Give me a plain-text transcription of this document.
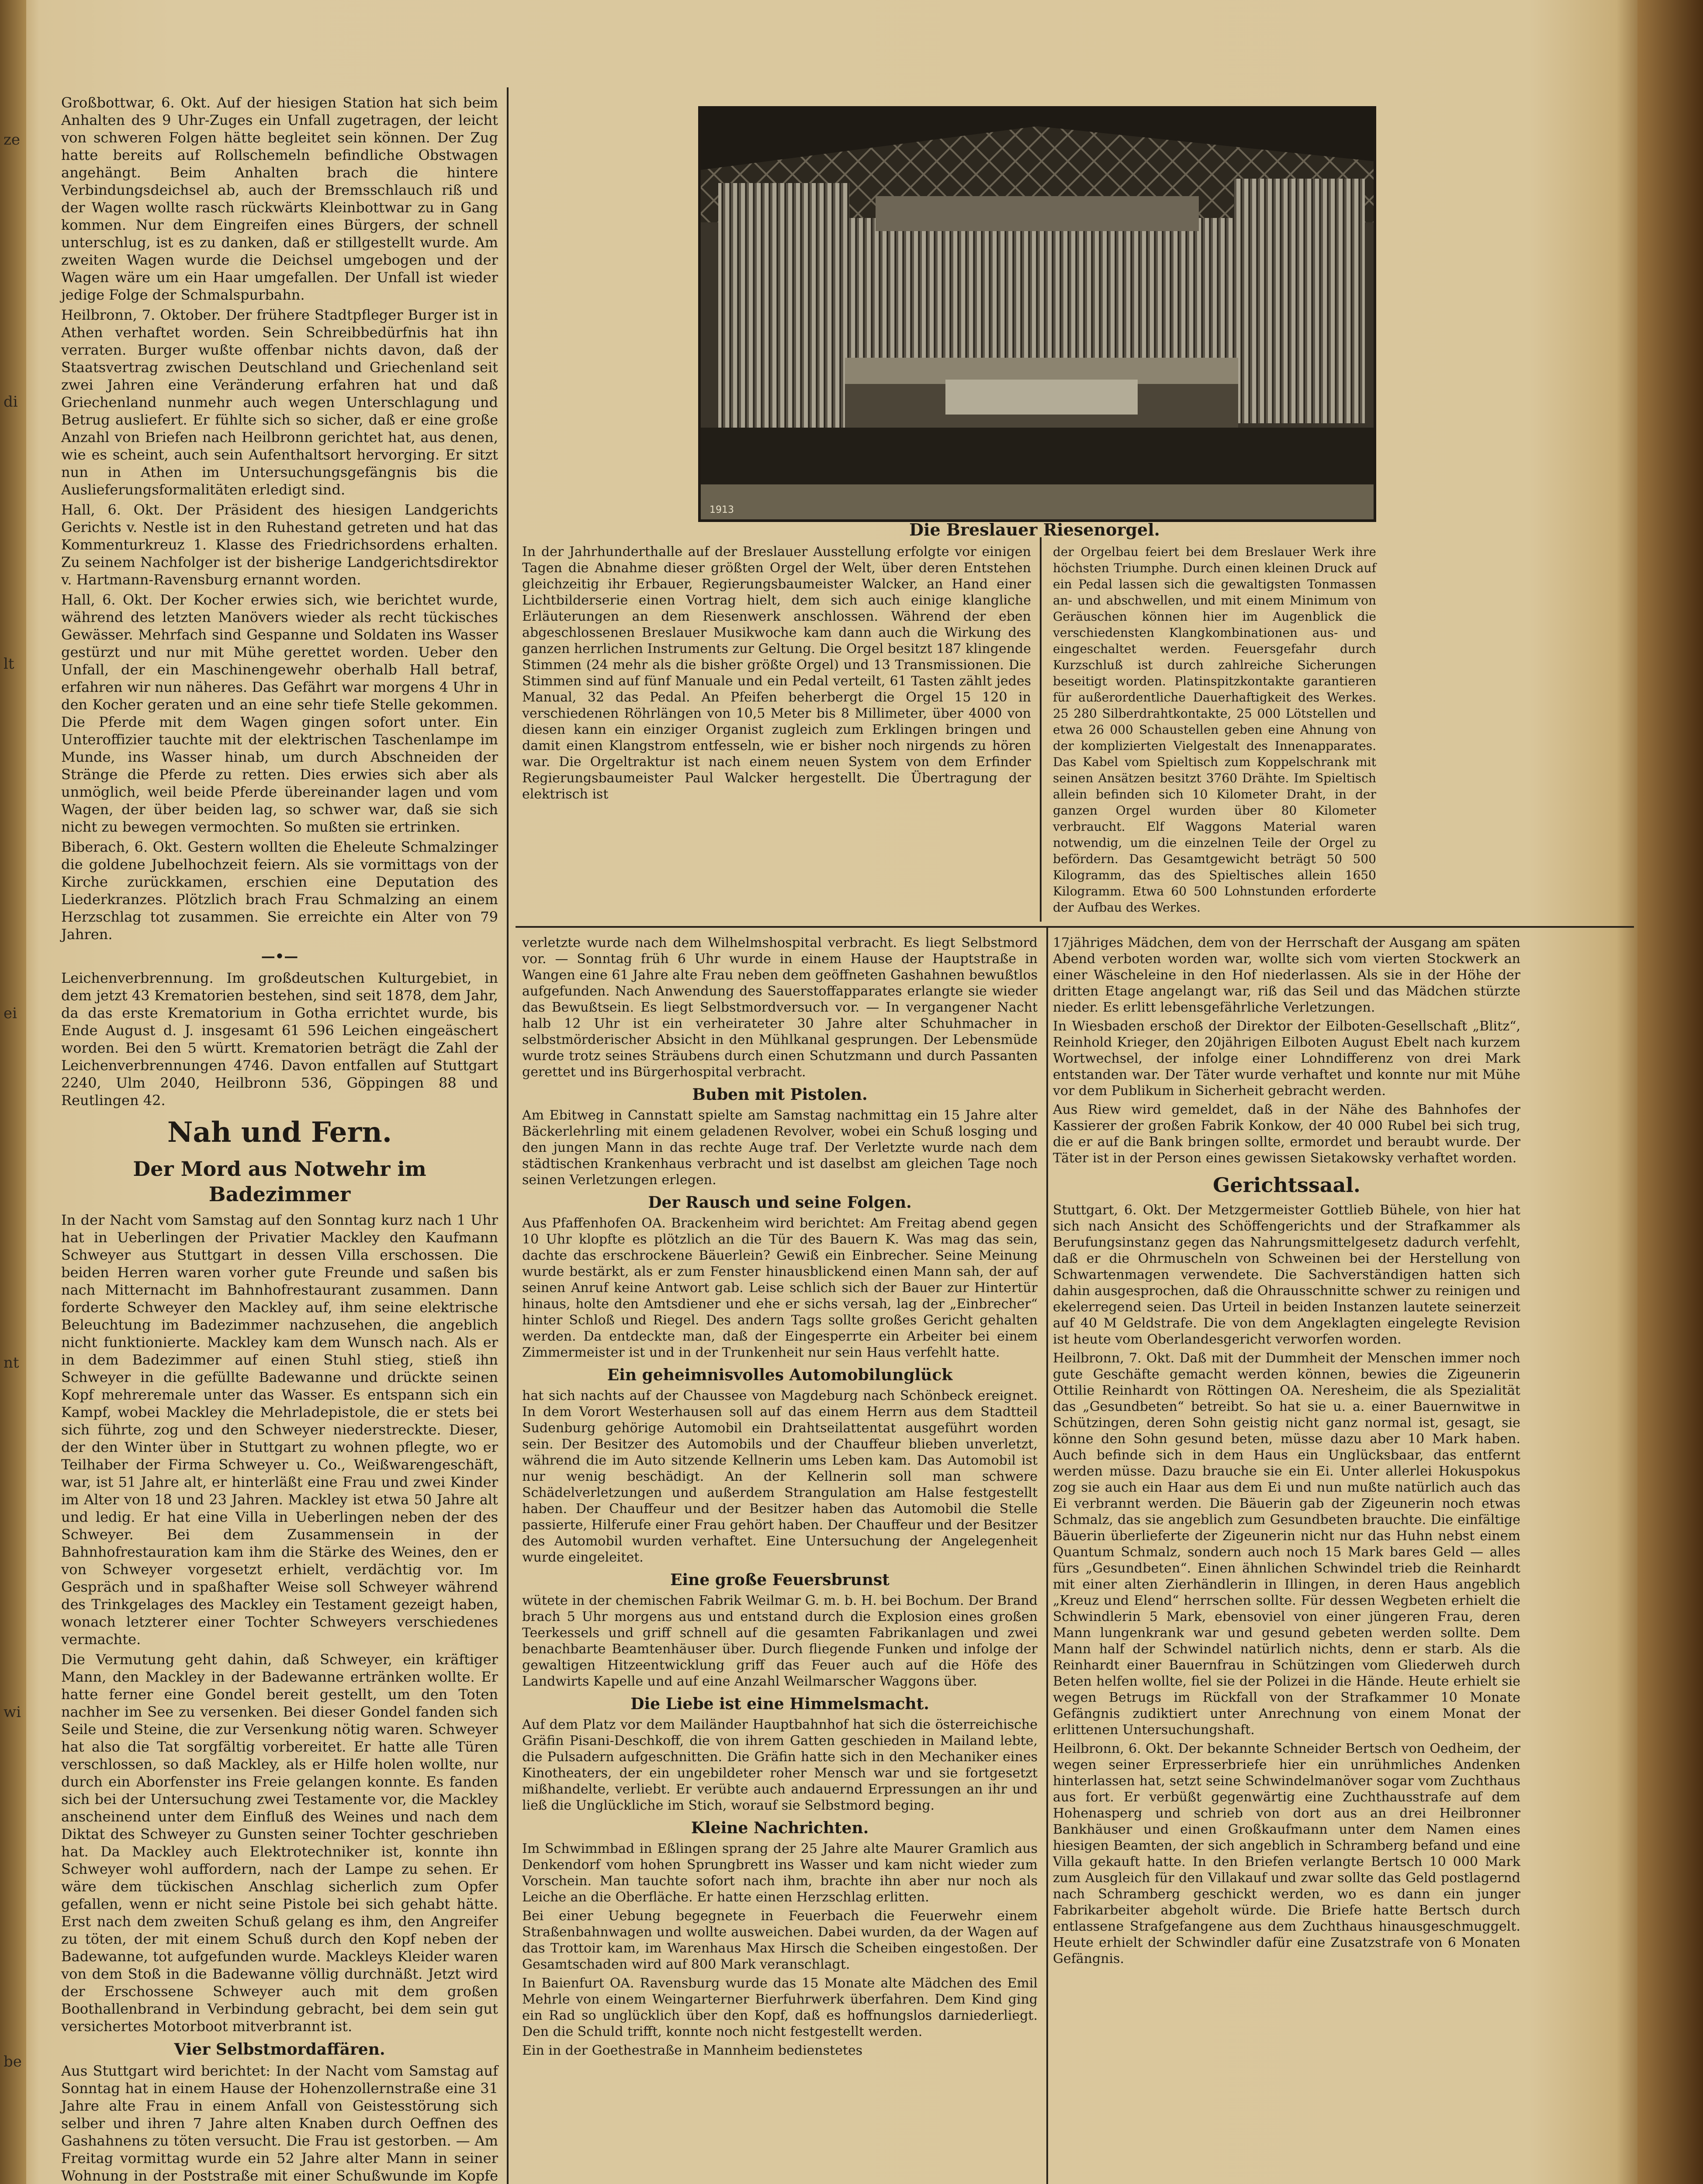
ze
di
lt
ei
nt
wi
be

Großbottwar, 6. Okt. Auf der hiesigen Station hat sich beim Anhalten des 9 Uhr-Zuges ein Unfall zugetragen, der leicht von schweren Folgen hätte begleitet sein können. Der Zug hatte bereits auf Rollschemeln befindliche Obstwagen angehängt. Beim Anhalten brach die hintere Verbindungsdeichsel ab, auch der Bremsschlauch riß und der Wagen wollte rasch rückwärts Kleinbottwar zu in Gang kommen. Nur dem Eingreifen eines Bürgers, der schnell unterschlug, ist es zu danken, daß er stillgestellt wurde. Am zweiten Wagen wurde die Deichsel umgebogen und der Wagen wäre um ein Haar umgefallen. Der Unfall ist wieder jedige Folge der Schmalspurbahn.

Heilbronn, 7. Oktober. Der frühere Stadtpfleger Burger ist in Athen verhaftet worden. Sein Schreibbedürfnis hat ihn verraten. Burger wußte offenbar nichts davon, daß der Staatsvertrag zwischen Deutschland und Griechenland seit zwei Jahren eine Veränderung erfahren hat und daß Griechenland nunmehr auch wegen Unterschlagung und Betrug ausliefert. Er fühlte sich so sicher, daß er eine große Anzahl von Briefen nach Heilbronn gerichtet hat, aus denen, wie es scheint, auch sein Aufenthaltsort hervorging. Er sitzt nun in Athen im Untersuchungsgefängnis bis die Auslieferungsformalitäten erledigt sind.

Hall, 6. Okt. Der Präsident des hiesigen Landgerichts Gerichts v. Nestle ist in den Ruhestand getreten und hat das Kommenturkreuz 1. Klasse des Friedrichsordens erhalten. Zu seinem Nachfolger ist der bisherige Landgerichtsdirektor v. Hartmann-Ravensburg ernannt worden.

Hall, 6. Okt. Der Kocher erwies sich, wie berichtet wurde, während des letzten Manövers wieder als recht tückisches Gewässer. Mehrfach sind Gespanne und Soldaten ins Wasser gestürzt und nur mit Mühe gerettet worden. Ueber den Unfall, der ein Maschinengewehr oberhalb Hall betraf, erfahren wir nun näheres. Das Gefährt war morgens 4 Uhr in den Kocher geraten und an eine sehr tiefe Stelle gekommen. Die Pferde mit dem Wagen gingen sofort unter. Ein Unteroffizier tauchte mit der elektrischen Taschenlampe im Munde, ins Wasser hinab, um durch Abschneiden der Stränge die Pferde zu retten. Dies erwies sich aber als unmöglich, weil beide Pferde übereinander lagen und vom Wagen, der über beiden lag, so schwer war, daß sie sich nicht zu bewegen vermochten. So mußten sie ertrinken.

Biberach, 6. Okt. Gestern wollten die Eheleute Schmalzinger die goldene Jubelhochzeit feiern. Als sie vormittags von der Kirche zurückkamen, erschien eine Deputation des Liederkranzes. Plötzlich brach Frau Schmalzing an einem Herzschlag tot zusammen. Sie erreichte ein Alter von 79 Jahren.

—•—

Leichenverbrennung. Im großdeutschen Kulturgebiet, in dem jetzt 43 Krematorien bestehen, sind seit 1878, dem Jahr, da das erste Krematorium in Gotha errichtet wurde, bis Ende August d. J. insgesamt 61 596 Leichen eingeäschert worden. Bei den 5 württ. Krematorien beträgt die Zahl der Leichenverbrennungen 4746. Davon entfallen auf Stuttgart 2240, Ulm 2040, Heilbronn 536, Göppingen 88 und Reutlingen 42.

Nah und Fern.
Der Mord aus Notwehr im Badezimmer

In der Nacht vom Samstag auf den Sonntag kurz nach 1 Uhr hat in Ueberlingen der Privatier Mackley den Kaufmann Schweyer aus Stuttgart in dessen Villa erschossen. Die beiden Herren waren vorher gute Freunde und saßen bis nach Mitternacht im Bahnhofrestaurant zusammen. Dann forderte Schweyer den Mackley auf, ihm seine elektrische Beleuchtung im Badezimmer nachzusehen, die angeblich nicht funktionierte. Mackley kam dem Wunsch nach. Als er in dem Badezimmer auf einen Stuhl stieg, stieß ihn Schweyer in die gefüllte Badewanne und drückte seinen Kopf mehreremale unter das Wasser. Es entspann sich ein Kampf, wobei Mackley die Mehrladepistole, die er stets bei sich führte, zog und den Schweyer niederstreckte. Dieser, der den Winter über in Stuttgart zu wohnen pflegte, wo er Teilhaber der Firma Schweyer u. Co., Weißwarengeschäft, war, ist 51 Jahre alt, er hinterläßt eine Frau und zwei Kinder im Alter von 18 und 23 Jahren. Mackley ist etwa 50 Jahre alt und ledig. Er hat eine Villa in Ueberlingen neben der des Schweyer. Bei dem Zusammensein in der Bahnhofrestauration kam ihm die Stärke des Weines, den er von Schweyer vorgesetzt erhielt, verdächtig vor. Im Gespräch und in spaßhafter Weise soll Schweyer während des Trinkgelages des Mackley ein Testament gezeigt haben, wonach letzterer einer Tochter Schweyers verschiedenes vermachte.

Die Vermutung geht dahin, daß Schweyer, ein kräftiger Mann, den Mackley in der Badewanne ertränken wollte. Er hatte ferner eine Gondel bereit gestellt, um den Toten nachher im See zu versenken. Bei dieser Gondel fanden sich Seile und Steine, die zur Versenkung nötig waren. Schweyer hat also die Tat sorgfältig vorbereitet. Er hatte alle Türen verschlossen, so daß Mackley, als er Hilfe holen wollte, nur durch ein Aborfenster ins Freie gelangen konnte. Es fanden sich bei der Untersuchung zwei Testamente vor, die Mackley anscheinend unter dem Einfluß des Weines und nach dem Diktat des Schweyer zu Gunsten seiner Tochter geschrieben hat. Da Mackley auch Elektrotechniker ist, konnte ihn Schweyer wohl auffordern, nach der Lampe zu sehen. Er wäre dem tückischen Anschlag sicherlich zum Opfer gefallen, wenn er nicht seine Pistole bei sich gehabt hätte. Erst nach dem zweiten Schuß gelang es ihm, den Angreifer zu töten, der mit einem Schuß durch den Kopf neben der Badewanne, tot aufgefunden wurde. Mackleys Kleider waren von dem Stoß in die Badewanne völlig durchnäßt. Jetzt wird der Erschossene Schweyer auch mit dem großen Boothallenbrand in Verbindung gebracht, bei dem sein gut versichertes Motorboot mitverbrannt ist.

Vier Selbstmordaffären.

Aus Stuttgart wird berichtet: In der Nacht vom Samstag auf Sonntag hat in einem Hause der Hohenzollernstraße eine 31 Jahre alte Frau in einem Anfall von Geistesstörung sich selber und ihren 7 Jahre alten Knaben durch Oeffnen des Gashahnens zu töten versucht. Die Frau ist gestorben. — Am Freitag vormittag wurde ein 52 Jahre alter Mann in seiner Wohnung in der Poststraße mit einer Schußwunde im Kopfe

1913
Die Breslauer Riesenorgel.

In der Jahrhunderthalle auf der Breslauer Ausstellung erfolgte vor einigen Tagen die Abnahme dieser größten Orgel der Welt, über deren Entstehen gleichzeitig ihr Erbauer, Regierungsbaumeister Walcker, an Hand einer Lichtbilderserie einen Vortrag hielt, dem sich auch einige klangliche Erläuterungen an dem Riesenwerk anschlossen. Während der eben abgeschlossenen Breslauer Musikwoche kam dann auch die Wirkung des ganzen herrlichen Instruments zur Geltung. Die Orgel besitzt 187 klingende Stimmen (24 mehr als die bisher größte Orgel) und 13 Transmissionen. Die Stimmen sind auf fünf Manuale und ein Pedal verteilt, 61 Tasten zählt jedes Manual, 32 das Pedal. An Pfeifen beherbergt die Orgel 15 120 in verschiedenen Röhrlängen von 10,5 Meter bis 8 Millimeter, über 4000 von diesen kann ein einziger Organist zugleich zum Erklingen bringen und damit einen Klangstrom entfesseln, wie er bisher noch nirgends zu hören war. Die Orgeltraktur ist nach einem neuen System von dem Erfinder Regierungsbaumeister Paul Walcker hergestellt. Die Übertragung der elektrisch ist

der Orgelbau feiert bei dem Breslauer Werk ihre höchsten Triumphe. Durch einen kleinen Druck auf ein Pedal lassen sich die gewaltigsten Tonmassen an- und abschwellen, und mit einem Minimum von Geräuschen können hier im Augenblick die verschiedensten Klangkombinationen aus- und eingeschaltet werden. Feuersgefahr durch Kurzschluß ist durch zahlreiche Sicherungen beseitigt worden. Platinspitzkontakte garantieren für außerordentliche Dauerhaftigkeit des Werkes. 25 280 Silberdrahtkontakte, 25 000 Lötstellen und etwa 26 000 Schaustellen geben eine Ahnung von der komplizierten Vielgestalt des Innenapparates. Das Kabel vom Spieltisch zum Koppelschrank mit seinen Ansätzen besitzt 3760 Drähte. Im Spieltisch allein befinden sich 10 Kilometer Draht, in der ganzen Orgel wurden über 80 Kilometer verbraucht. Elf Waggons Material waren notwendig, um die einzelnen Teile der Orgel zu befördern. Das Gesamtgewicht beträgt 50 500 Kilogramm, das des Spieltisches allein 1650 Kilogramm. Etwa 60 500 Lohnstunden erforderte der Aufbau des Werkes.

verletzte wurde nach dem Wilhelmshospital verbracht. Es liegt Selbstmord vor. — Sonntag früh 6 Uhr wurde in einem Hause der Hauptstraße in Wangen eine 61 Jahre alte Frau neben dem geöffneten Gashahnen bewußtlos aufgefunden. Nach Anwendung des Sauerstoffapparates erlangte sie wieder das Bewußtsein. Es liegt Selbstmordversuch vor. — In vergangener Nacht halb 12 Uhr ist ein verheirateter 30 Jahre alter Schuhmacher in selbstmörderischer Absicht in den Mühlkanal gesprungen. Der Lebensmüde wurde trotz seines Sträubens durch einen Schutzmann und durch Passanten gerettet und ins Bürgerhospital verbracht.

Buben mit Pistolen.

Am Ebitweg in Cannstatt spielte am Samstag nachmittag ein 15 Jahre alter Bäckerlehrling mit einem geladenen Revolver, wobei ein Schuß losging und den jungen Mann in das rechte Auge traf. Der Verletzte wurde nach dem städtischen Krankenhaus verbracht und ist daselbst am gleichen Tage noch seinen Verletzungen erlegen.

Der Rausch und seine Folgen.

Aus Pfaffenhofen OA. Brackenheim wird berichtet: Am Freitag abend gegen 10 Uhr klopfte es plötzlich an die Tür des Bauern K. Was mag das sein, dachte das erschrockene Bäuerlein? Gewiß ein Einbrecher. Seine Meinung wurde bestärkt, als er zum Fenster hinausblickend einen Mann sah, der auf seinen Anruf keine Antwort gab. Leise schlich sich der Bauer zur Hintertür hinaus, holte den Amtsdiener und ehe er sichs versah, lag der „Einbrecher“ hinter Schloß und Riegel. Des andern Tags sollte großes Gericht gehalten werden. Da entdeckte man, daß der Eingesperrte ein Arbeiter bei einem Zimmermeister ist und in der Trunkenheit nur sein Haus verfehlt hatte.

Ein geheimnisvolles Automobilunglück

hat sich nachts auf der Chaussee von Magdeburg nach Schönbeck ereignet. In dem Vorort Westerhausen soll auf das einem Herrn aus dem Stadtteil Sudenburg gehörige Automobil ein Drahtseilattentat ausgeführt worden sein. Der Besitzer des Automobils und der Chauffeur blieben unverletzt, während die im Auto sitzende Kellnerin ums Leben kam. Das Automobil ist nur wenig beschädigt. An der Kellnerin soll man schwere Schädelverletzungen und außerdem Strangulation am Halse festgestellt haben. Der Chauffeur und der Besitzer haben das Automobil die Stelle passierte, Hilferufe einer Frau gehört haben. Der Chauffeur und der Besitzer des Automobil wurden verhaftet. Eine Untersuchung der Angelegenheit wurde eingeleitet.

Eine große Feuersbrunst

wütete in der chemischen Fabrik Weilmar G. m. b. H. bei Bochum. Der Brand brach 5 Uhr morgens aus und entstand durch die Explosion eines großen Teerkessels und griff schnell auf die gesamten Fabrikanlagen und zwei benachbarte Beamtenhäuser über. Durch fliegende Funken und infolge der gewaltigen Hitzeentwicklung griff das Feuer auch auf die Höfe des Landwirts Kapelle und auf eine Anzahl Weilmarscher Waggons über.

Die Liebe ist eine Himmelsmacht.

Auf dem Platz vor dem Mailänder Hauptbahnhof hat sich die österreichische Gräfin Pisani-Deschkoff, die von ihrem Gatten geschieden in Mailand lebte, die Pulsadern aufgeschnitten. Die Gräfin hatte sich in den Mechaniker eines Kinotheaters, der ein ungebildeter roher Mensch war und sie fortgesetzt mißhandelte, verliebt. Er verübte auch andauernd Erpressungen an ihr und ließ die Unglückliche im Stich, worauf sie Selbstmord beging.

Kleine Nachrichten.

Im Schwimmbad in Eßlingen sprang der 25 Jahre alte Maurer Gramlich aus Denkendorf vom hohen Sprungbrett ins Wasser und kam nicht wieder zum Vorschein. Man tauchte sofort nach ihm, brachte ihn aber nur noch als Leiche an die Oberfläche. Er hatte einen Herzschlag erlitten.

Bei einer Uebung begegnete in Feuerbach die Feuerwehr einem Straßenbahnwagen und wollte ausweichen. Dabei wurden, da der Wagen auf das Trottoir kam, im Warenhaus Max Hirsch die Scheiben eingestoßen. Der Gesamtschaden wird auf 800 Mark veranschlagt.

In Baienfurt OA. Ravensburg wurde das 15 Monate alte Mädchen des Emil Mehrle von einem Weingarterner Bierfuhrwerk überfahren. Dem Kind ging ein Rad so unglücklich über den Kopf, daß es hoffnungslos darniederliegt. Den die Schuld trifft, konnte noch nicht festgestellt werden.

Ein in der Goethestraße in Mannheim bedienstetes

17jähriges Mädchen, dem von der Herrschaft der Ausgang am späten Abend verboten worden war, wollte sich vom vierten Stockwerk an einer Wäscheleine in den Hof niederlassen. Als sie in der Höhe der dritten Etage angelangt war, riß das Seil und das Mädchen stürzte nieder. Es erlitt lebensgefährliche Verletzungen.

In Wiesbaden erschoß der Direktor der Eilboten-Gesellschaft „Blitz“, Reinhold Krieger, den 20jährigen Eilboten August Ebelt nach kurzem Wortwechsel, der infolge einer Lohndifferenz von drei Mark entstanden war. Der Täter wurde verhaftet und konnte nur mit Mühe vor dem Publikum in Sicherheit gebracht werden.

Aus Riew wird gemeldet, daß in der Nähe des Bahnhofes der Kassierer der großen Fabrik Konkow, der 40 000 Rubel bei sich trug, die er auf die Bank bringen sollte, ermordet und beraubt wurde. Der Täter ist in der Person eines gewissen Sietakowsky verhaftet worden.

Gerichtssaal.

Stuttgart, 6. Okt. Der Metzgermeister Gottlieb Bühele, von hier hat sich nach Ansicht des Schöffengerichts und der Strafkammer als Berufungsinstanz gegen das Nahrungsmittelgesetz dadurch verfehlt, daß er die Ohrmuscheln von Schweinen bei der Herstellung von Schwartenmagen verwendete. Die Sachverständigen hatten sich dahin ausgesprochen, daß die Ohrausschnitte schwer zu reinigen und ekelerregend seien. Das Urteil in beiden Instanzen lautete seinerzeit auf 40 M Geldstrafe. Die von dem Angeklagten eingelegte Revision ist heute vom Oberlandesgericht verworfen worden.

Heilbronn, 7. Okt. Daß mit der Dummheit der Menschen immer noch gute Geschäfte gemacht werden können, bewies die Zigeunerin Ottilie Reinhardt von Röttingen OA. Neresheim, die als Spezialität das „Gesundbeten“ betreibt. So hat sie u. a. einer Bauernwitwe in Schützingen, deren Sohn geistig nicht ganz normal ist, gesagt, sie könne den Sohn gesund beten, müsse dazu aber 10 Mark haben. Auch befinde sich in dem Haus ein Unglücksbaar, das entfernt werden müsse. Dazu brauche sie ein Ei. Unter allerlei Hokuspokus zog sie auch ein Haar aus dem Ei und nun mußte natürlich auch das Ei verbrannt werden. Die Bäuerin gab der Zigeunerin noch etwas Schmalz, das sie angeblich zum Gesundbeten brauchte. Die einfältige Bäuerin überlieferte der Zigeunerin nicht nur das Huhn nebst einem Quantum Schmalz, sondern auch noch 15 Mark bares Geld — alles fürs „Gesundbeten“. Einen ähnlichen Schwindel trieb die Reinhardt mit einer alten Zierhändlerin in Illingen, in deren Haus angeblich „Kreuz und Elend“ herrschen sollte. Für dessen Wegbeten erhielt die Schwindlerin 5 Mark, ebensoviel von einer jüngeren Frau, deren Mann lungenkrank war und gesund gebeten werden sollte. Dem Mann half der Schwindel natürlich nichts, denn er starb. Als die Reinhardt einer Bauernfrau in Schützingen vom Gliederweh durch Beten helfen wollte, fiel sie der Polizei in die Hände. Heute erhielt sie wegen Betrugs im Rückfall von der Strafkammer 10 Monate Gefängnis zudiktiert unter Anrechnung von einem Monat der erlittenen Untersuchungshaft.

Heilbronn, 6. Okt. Der bekannte Schneider Bertsch von Oedheim, der wegen seiner Erpresserbriefe hier ein unrühmliches Andenken hinterlassen hat, setzt seine Schwindelmanöver sogar vom Zuchthaus aus fort. Er verbüßt gegenwärtig eine Zuchthausstrafe auf dem Hohenasperg und schrieb von dort aus an drei Heilbronner Bankhäuser und einen Großkaufmann unter dem Namen eines hiesigen Beamten, der sich angeblich in Schramberg befand und eine Villa gekauft hatte. In den Briefen verlangte Bertsch 10 000 Mark zum Ausgleich für den Villakauf und zwar sollte das Geld postlagernd nach Schramberg geschickt werden, wo es dann ein junger Fabrikarbeiter abgeholt würde. Die Briefe hatte Bertsch durch entlassene Strafgefangene aus dem Zuchthaus hinausgeschmuggelt. Heute erhielt der Schwindler dafür eine Zusatzstrafe von 6 Monaten Gefängnis.
